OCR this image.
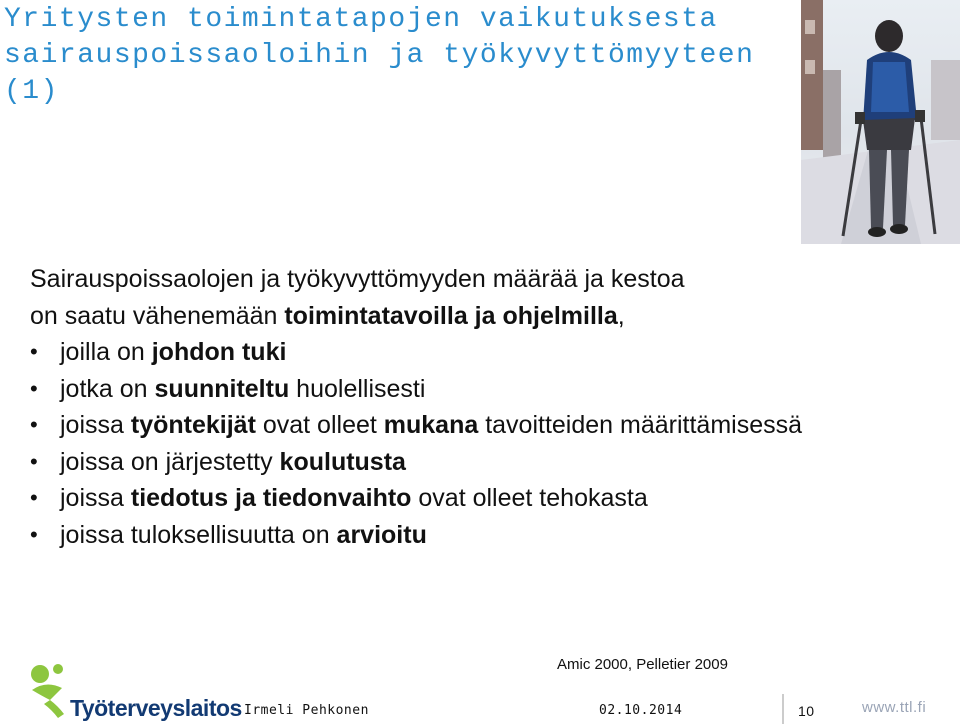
Yritysten toimintatapojen vaikutuksesta sairauspoissaoloihin ja työkyvyttömyyteen (1)

Sairauspoissaolojen ja työkyvyttömyyden määrää ja kestoa

on saatu vähenemään toimintatavoilla ja ohjelmilla,

• joilla on johdon tuki
• jotka on suunniteltu huolellisesti
• joissa työntekijät ovat olleet mukana tavoitteiden määrittämisessä
• joissa on järjestetty koulutusta
• joissa tiedotus ja tiedonvaihto ovat olleet tehokasta
• joissa tuloksellisuutta on arvioitu
Amic 2000, Pelletier 2009
Työterveyslaitos Irmeli Pehkonen	02.10.2014	10	www.ttl.fi
